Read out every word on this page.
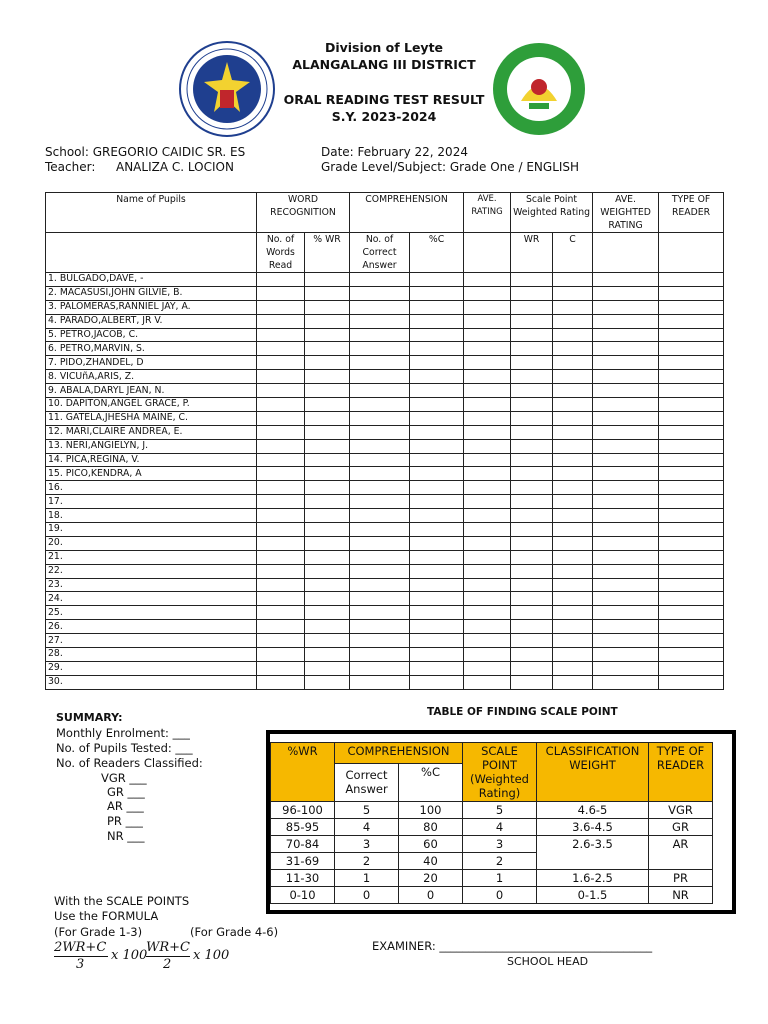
Division of Leyte
ALANGALANG III DISTRICT
ORAL READING TEST RESULT
S.Y. 2023-2024
School: GREGORIO CAIDIC SR. ES
Teacher: ANALIZA C. LOCION
Date: February 22, 2024
Grade Level/Subject: Grade One / ENGLISH
Name of Pupils	WORD RECOGNITION		COMPREHENSION		AVE. RATING	Scale Point Weighted Rating		AVE. WEIGHTED RATING	TYPE OF READER
	No. of Words Read	% WR	No. of Correct Answer	%C		WR	C		
1. BULGADO,DAVE, -									
2. MACASUSI,JOHN GILVIE, B.									
3. PALOMERAS,RANNIEL JAY, A.									
4. PARADO,ALBERT, JR V.									
5. PETRO,JACOB, C.									
6. PETRO,MARVIN, S.									
7. PIDO,ZHANDEL, D									
8. VICUñA,ARIS, Z.									
9. ABALA,DARYL JEAN, N.									
10. DAPITON,ANGEL GRACE, P.									
11. GATELA,JHESHA MAINE, C.									
12. MARI,CLAIRE ANDREA, E.									
13. NERI,ANGIELYN, J.									
14. PICA,REGINA, V.									
15. PICO,KENDRA, A									
16.									
17.									
18.									
19.									
20.									
21.									
22.									
23.									
24.									
25.									
26.									
27.									
28.									
29.									
30.									
SUMMARY:
Monthly Enrolment: ___
No. of Pupils Tested: ___
No. of Readers Classified:
VGR ___
GR ___
AR ___
PR ___
NR ___
TABLE OF FINDING SCALE POINT
%WR	COMPREHENSION		SCALE POINT (Weighted Rating)	CLASSIFICATION WEIGHT	TYPE OF READER
	Correct Answer	%C			
96-100	5	100	5	4.6-5	VGR
85-95	4	80	4	3.6-4.5	GR
70-84	3	60	3	2.6-3.5	AR
31-69	2	40	2		
11-30	1	20	1	1.6-2.5	PR
0-10	0	0	0	0-1.5	NR
With the SCALE POINTS
Use the FORMULA
(For Grade 1-3)	(For Grade 4-6)
2WR+C
3
x 100
WR+C
2
x 100
EXAMINER: _____________________________________
SCHOOL HEAD
